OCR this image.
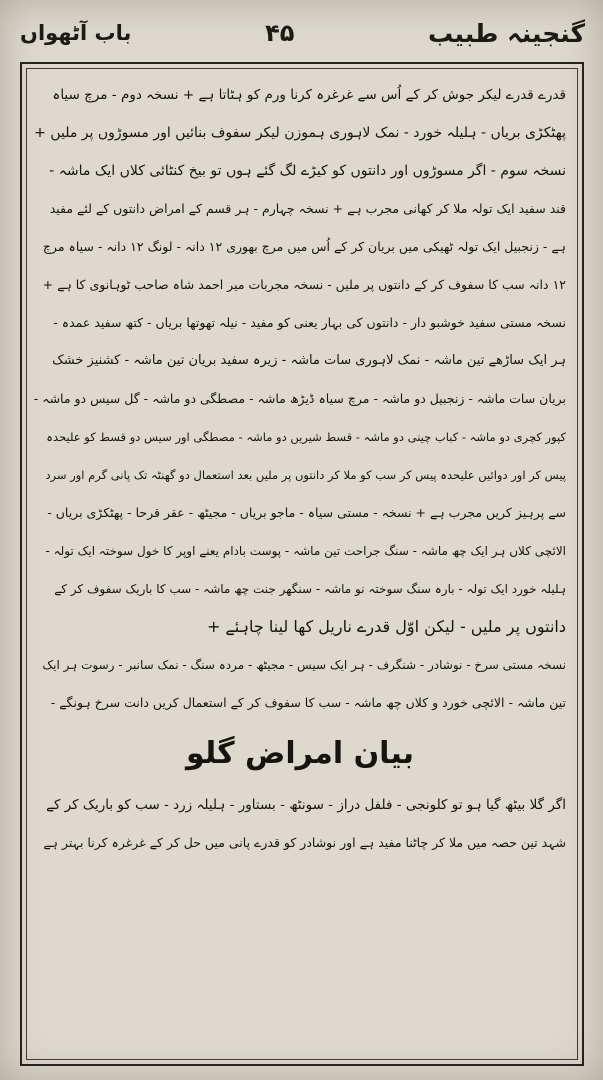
گنجینہ طبیب
۴۵
باب آٹھواں
قدرے قدرے لیکر جوش کر کے اُس سے غرغرہ کرنا ورم کو ہٹاتا ہے + نسخہ دوم - مرچ سیاہ
پھٹکڑی بریاں - ہلیلہ خورد - نمک لاہوری ہموزن لیکر سفوف بنائیں اور مسوڑوں پر ملیں +
نسخہ سوم - اگر مسوڑوں اور دانتوں کو کیڑے لگ گئے ہوں تو بیخ کنٹائی کلاں ایک ماشہ -
قند سفید ایک تولہ ملا کر کھانی مجرب ہے + نسخہ چہارم - ہر قسم کے امراض دانتوں کے لئے مفید
ہے - زنجبیل ایک تولہ ٹھیکی میں بریان کر کے اُس میں مرچ بھوری ۱۲ دانہ - لونگ ۱۲ دانہ - سیاہ مرچ
۱۲ دانہ سب کا سفوف کر کے دانتوں پر ملیں - نسخہ مجربات میر احمد شاہ صاحب ٹوہانوی کا ہے +
نسخہ مستی سفید خوشبو دار - دانتوں کی بہار یعنی کو مفید - نیلہ تھوتھا بریاں - کتھ سفید عمدہ -
ہر ایک ساڑھے تین ماشہ - نمک لاہوری سات ماشہ - زیرہ سفید بریان تین ماشہ - کشنیز خشک
بریان سات ماشہ - زنجبیل دو ماشہ - مرچ سیاہ ڈیڑھ ماشہ - مصطگی دو ماشہ - گل سیس دو ماشہ -
کپور کچری دو ماشہ - کباب چینی دو ماشہ - قسط شیریں دو ماشہ - مصطگی اور سیس دو قسط کو علیحدہ
پیس کر اور دوائیں علیحدہ پیس کر سب کو ملا کر دانتوں پر ملیں بعد استعمال دو گھنٹہ تک پانی گرم اور سرد
سے پرہیز کریں مجرب ہے + نسخہ - مستی سیاہ - ماجو بریاں - مجیٹھ - عقر قرحا - پھٹکڑی بریاں -
الائچی کلاں ہر ایک چھ ماشہ - سنگ جراحت تین ماشہ - پوست بادام یعنے اوپر کا خول سوختہ ایک تولہ -
ہلیلہ خورد ایک تولہ - بارہ سنگ سوختہ نو ماشہ - سنگھر جنت چھ ماشہ - سب کا باریک سفوف کر کے
دانتوں پر ملیں - لیکن اوّل قدرے ناریل کھا لینا چاہئے +
نسخہ مستی سرخ - نوشادر - شنگرف - ہر ایک سیس - مجیٹھ - مردہ سنگ - نمک سانبر - رسوت ہر ایک
تین ماشہ - الائچی خورد و کلاں چھ ماشہ - سب کا سفوف کر کے استعمال کریں دانت سرخ ہونگے -
بیان امراض گلو
اگر گلا بیٹھ گیا ہو تو کلونجی - فلفل دراز - سونٹھ - بستاور - ہلیلہ زرد - سب کو باریک کر کے
شہد تین حصہ میں ملا کر چاٹنا مفید ہے اور نوشادر کو قدرے پانی میں حل کر کے غرغرہ کرنا بہتر ہے
